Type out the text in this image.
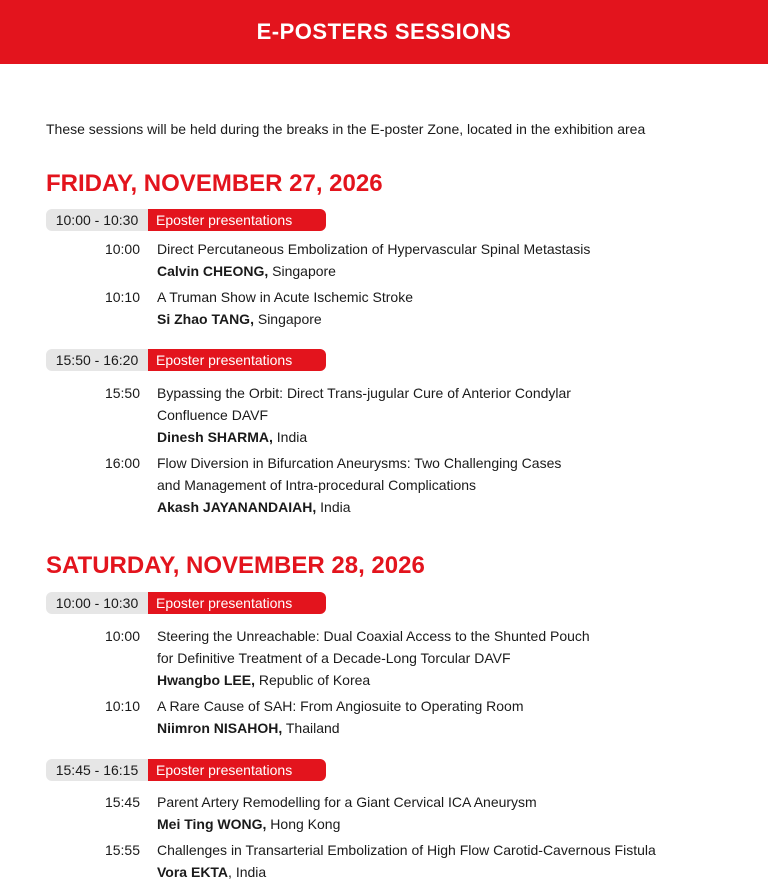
E-POSTERS SESSIONS
These sessions will be held during the breaks in the E-poster Zone, located in the exhibition area
FRIDAY, NOVEMBER 27, 2026
10:00 - 10:30	Eposter presentations
10:00 Direct Percutaneous Embolization of Hypervascular Spinal Metastasis
Calvin CHEONG, Singapore
10:10 A Truman Show in Acute Ischemic Stroke
Si Zhao TANG, Singapore
15:50 - 16:20	Eposter presentations
15:50 Bypassing the Orbit: Direct Trans-jugular Cure of Anterior Condylar
Confluence DAVF
Dinesh SHARMA, India
16:00 Flow Diversion in Bifurcation Aneurysms: Two Challenging Cases
and Management of Intra-procedural Complications
Akash JAYANANDAIAH, India
SATURDAY, NOVEMBER 28, 2026
10:00 - 10:30	Eposter presentations
10:00 Steering the Unreachable: Dual Coaxial Access to the Shunted Pouch
for Definitive Treatment of a Decade-Long Torcular DAVF
Hwangbo LEE, Republic of Korea
10:10 A Rare Cause of SAH: From Angiosuite to Operating Room
Niimron NISAHOH, Thailand
15:45 - 16:15	Eposter presentations
15:45 Parent Artery Remodelling for a Giant Cervical ICA Aneurysm
Mei Ting WONG, Hong Kong
15:55 Challenges in Transarterial Embolization of High Flow Carotid-Cavernous Fistula
Vora EKTA, India
